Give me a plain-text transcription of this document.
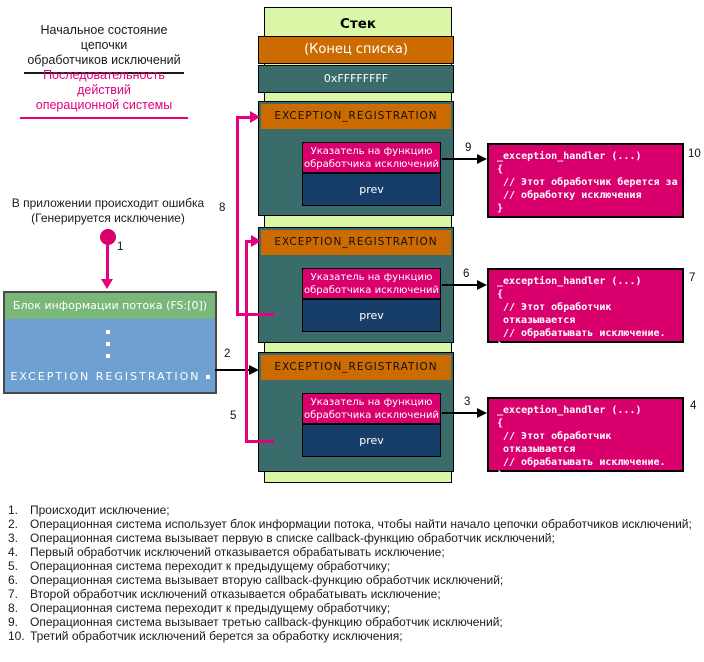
Начальное состояние цепочки
обработчиков исключений
Последовательность действий
операционной системы
В приложении происходит ошибка
(Генерируется исключение)
1
Блок информации потока (FS:[0])
EXCEPTION REGISTRATION
Стек
(Конец списка)
0xFFFFFFFF
EXCEPTION_REGISTRATION
Указатель на функцию
обработчика исключений
prev
EXCEPTION_REGISTRATION
Указатель на функцию
обработчика исключений
prev
EXCEPTION_REGISTRATION
Указатель на функцию
обработчика исключений
prev
2
8
5
9
6
3
_exception_handler (...)
{
// Этот обработчик берется за
// обработку исключения
}
10
_exception_handler (...)
{
// Этот обработчик отказывается
// обрабатывать исключение.
}
7
_exception_handler (...)
{
// Этот обработчик отказывается
// обрабатывать исключение.
}
4
1. Происходит исключение;
2. Операционная система использует блок информации потока, чтобы найти начало цепочки обработчиков исключений;
3. Операционная система вызывает первую в списке callback-функцию обработчик исключений;
4. Первый обработчик исключений отказывается обрабатывать исключение;
5. Операционная система переходит к предыдущему обработчику;
6. Операционная система вызывает вторую callback-функцию обработчик исключений;
7. Второй обработчик исключений отказывается обрабатывать исключение;
8. Операционная система переходит к предыдущему обработчику;
9. Операционная система вызывает третью callback-функцию обработчик исключений;
10. Третий обработчик исключений берется за обработку исключения;
